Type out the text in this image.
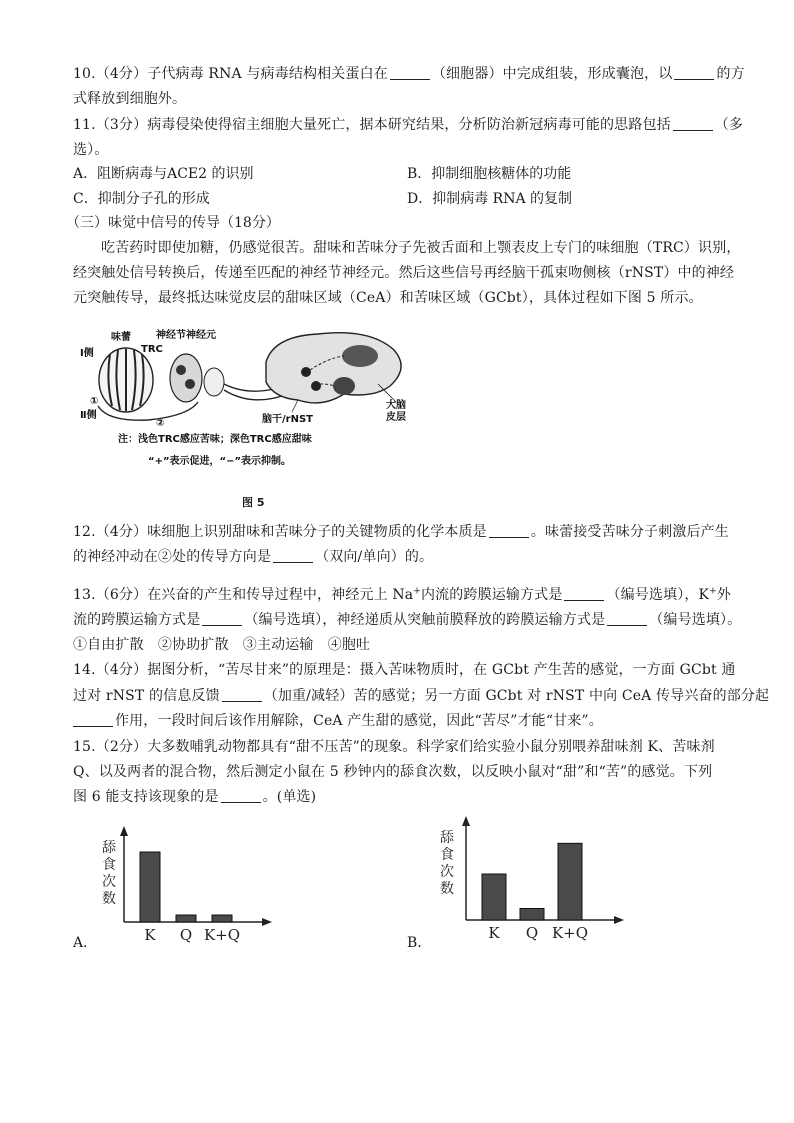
10.（4分）子代病毒 RNA 与病毒结构相关蛋白在	（细胞器）中完成组装，形成囊泡，以	的方
式释放到细胞外。
11.（3分）病毒侵染使得宿主细胞大量死亡，据本研究结果，分析防治新冠病毒可能的思路包括	（多
选）。
A．阻断病毒与ACE2 的识别	B．抑制细胞核糖体的功能
C．抑制分子孔的形成	D．抑制病毒 RNA 的复制
（三）味觉中信号的传导（18分）
吃苦药时即使加糖，仍感觉很苦。甜味和苦味分子先被舌面和上颚表皮上专门的味细胞（TRC）识别，
经突触处信号转换后，传递至匹配的神经节神经元。然后这些信号再经脑干孤束吻侧核（rNST）中的神经
元突触传导，最终抵达味觉皮层的甜味区域（CeA）和苦味区域（GCbt），具体过程如下图 5 所示。
味蕾	神经节神经元
TRC
Ⅰ侧
Ⅱ侧
①
②	脑干/rNST
大脑
皮层
注：浅色TRC感应苦味；深色TRC感应甜味
“+”表示促进，“−”表示抑制。
图 5
12.（4分）味细胞上识别甜味和苦味分子的关键物质的化学本质是	。味蕾接受苦味分子刺激后产生
的神经冲动在②处的传导方向是	（双向/单向）的。
13.（6分）在兴奋的产生和传导过程中，神经元上 Na+内流的跨膜运输方式是	（编号选填），K+外
流的跨膜运输方式是	（编号选填），神经递质从突触前膜释放的跨膜运输方式是	（编号选填）。
①自由扩散　②协助扩散　③主动运输　④胞吐
14.（4分）据图分析，“苦尽甘来”的原理是：摄入苦味物质时，在 GCbt 产生苦的感觉，一方面 GCbt 通
过对 rNST 的信息反馈	（加重/减轻）苦的感觉；另一方面 GCbt 对 rNST 中向 CeA 传导兴奋的部分起
作用，一段时间后该作用解除，CeA 产生甜的感觉，因此“苦尽”才能“甘来”。
15.（2分）大多数哺乳动物都具有“甜不压苦”的现象。科学家们给实验小鼠分别喂养甜味剂 K、苦味剂
Q、以及两者的混合物，然后测定小鼠在 5 秒钟内的舔食次数，以反映小鼠对“甜”和“苦”的感觉。下列
图 6 能支持该现象的是	。(单选)
A．
舔食次数
K Q K+Q	B．
舔食次数
K Q K+Q
